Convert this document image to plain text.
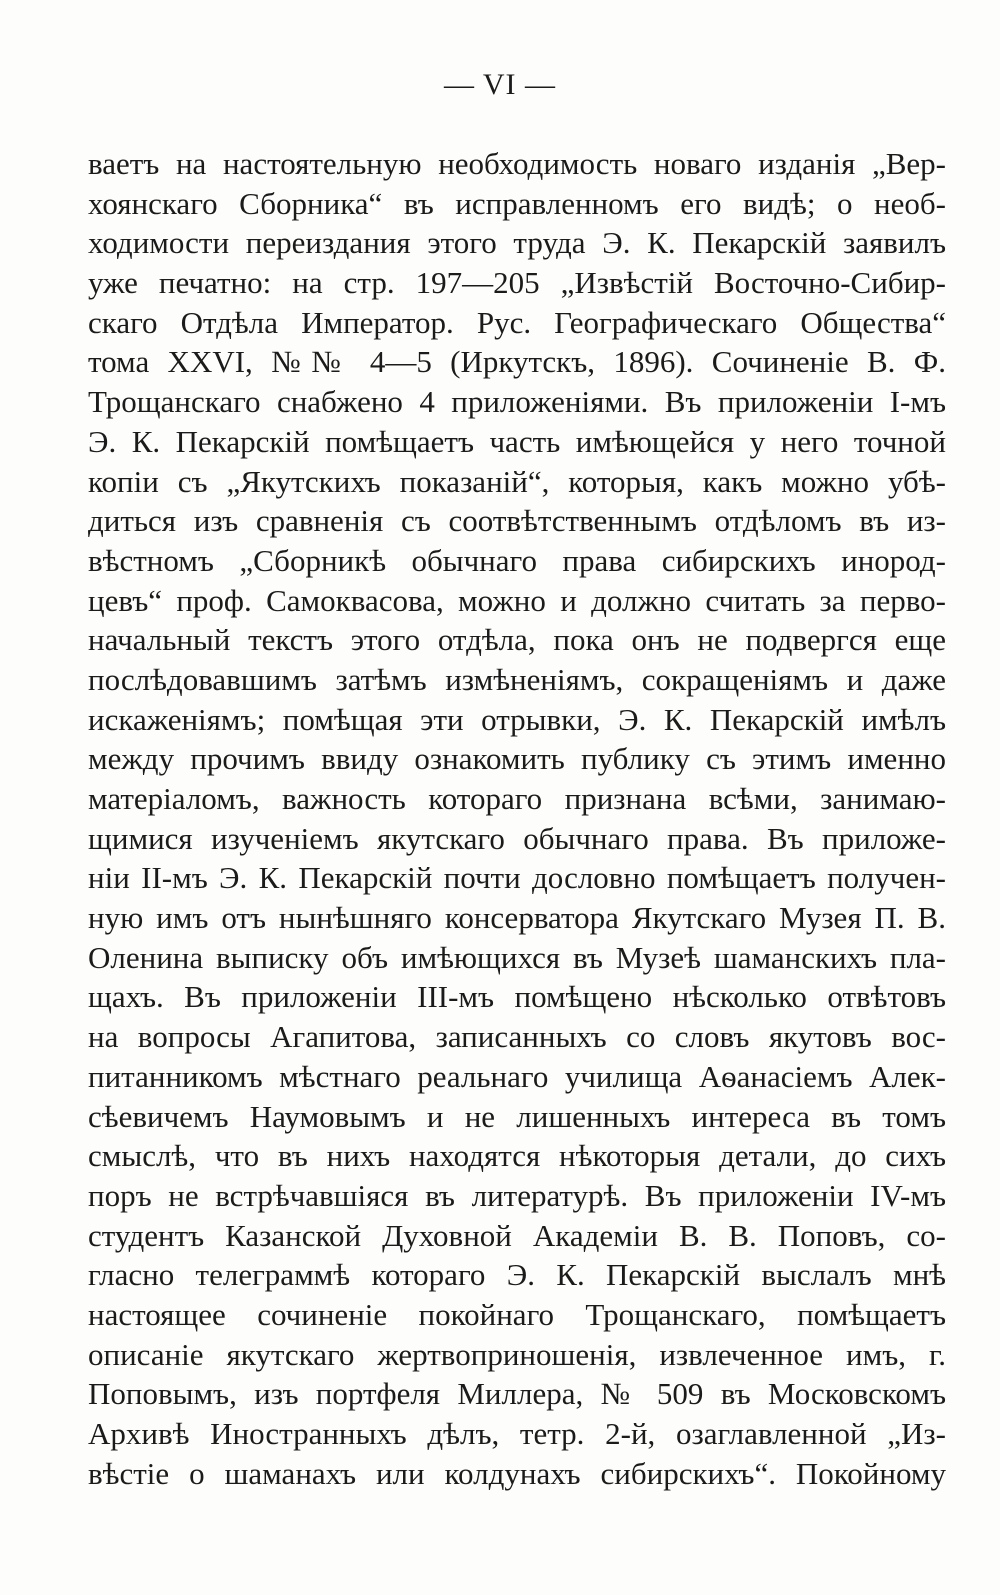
— VI —
ваетъ на настоятельную необходимость новаго изданія „Вер-
хоянскаго Сборника“ въ исправленномъ его видѣ; о необ-
ходимости переиздания этого труда Э. К. Пекарскій заявилъ
уже печатно: на стр. 197—205 „Извѣстій Восточно-Сибир-
скаго Отдѣла Император. Рус. Географическаго Общества“
тома XXVI, №№ 4—5 (Иркутскъ, 1896). Сочиненіе В. Ф.
Трощанскаго снабжено 4 приложеніями. Въ приложеніи I-мъ
Э. К. Пекарскій помѣщаетъ часть имѣющейся у него точной
копіи съ „Якутскихъ показаній“, которыя, какъ можно убѣ-
диться изъ сравненія съ соотвѣтственнымъ отдѣломъ въ из-
вѣстномъ „Сборникѣ обычнаго права сибирскихъ инород-
цевъ“ проф. Самоквасова, можно и должно считать за перво-
начальный текстъ этого отдѣла, пока онъ не подвергся еще
послѣдовавшимъ затѣмъ измѣненіямъ, сокращеніямъ и даже
искаженіямъ; помѣщая эти отрывки, Э. К. Пекарскій имѣлъ
между прочимъ ввиду ознакомить публику съ этимъ именно
матеріаломъ, важность котораго признана всѣми, занимаю-
щимися изученіемъ якутскаго обычнаго права. Въ приложе-
ніи II-мъ Э. К. Пекарскій почти дословно помѣщаетъ получен-
ную имъ отъ нынѣшняго консерватора Якутскаго Музея П. В.
Оленина выписку объ имѣющихся въ Музеѣ шаманскихъ пла-
щахъ. Въ приложеніи III-мъ помѣщено нѣсколько отвѣтовъ
на вопросы Агапитова, записанныхъ со словъ якутовъ вос-
питанникомъ мѣстнаго реальнаго училища Аѳанасіемъ Алек-
сѣевичемъ Наумовымъ и не лишенныхъ интереса въ томъ
смыслѣ, что въ нихъ находятся нѣкоторыя детали, до сихъ
поръ не встрѣчавшіяся въ литературѣ. Въ приложеніи IV-мъ
студентъ Казанской Духовной Академіи В. В. Поповъ, со-
гласно телеграммѣ котораго Э. К. Пекарскій выслалъ мнѣ
настоящее сочиненіе покойнаго Трощанскаго, помѣщаетъ
описаніе якутскаго жертвоприношенія, извлеченное имъ, г.
Поповымъ, изъ портфеля Миллера, № 509 въ Московскомъ
Архивѣ Иностранныхъ дѣлъ, тетр. 2-й, озаглавленной „Из-
вѣстіе о шаманахъ или колдунахъ сибирскихъ“. Покойному
